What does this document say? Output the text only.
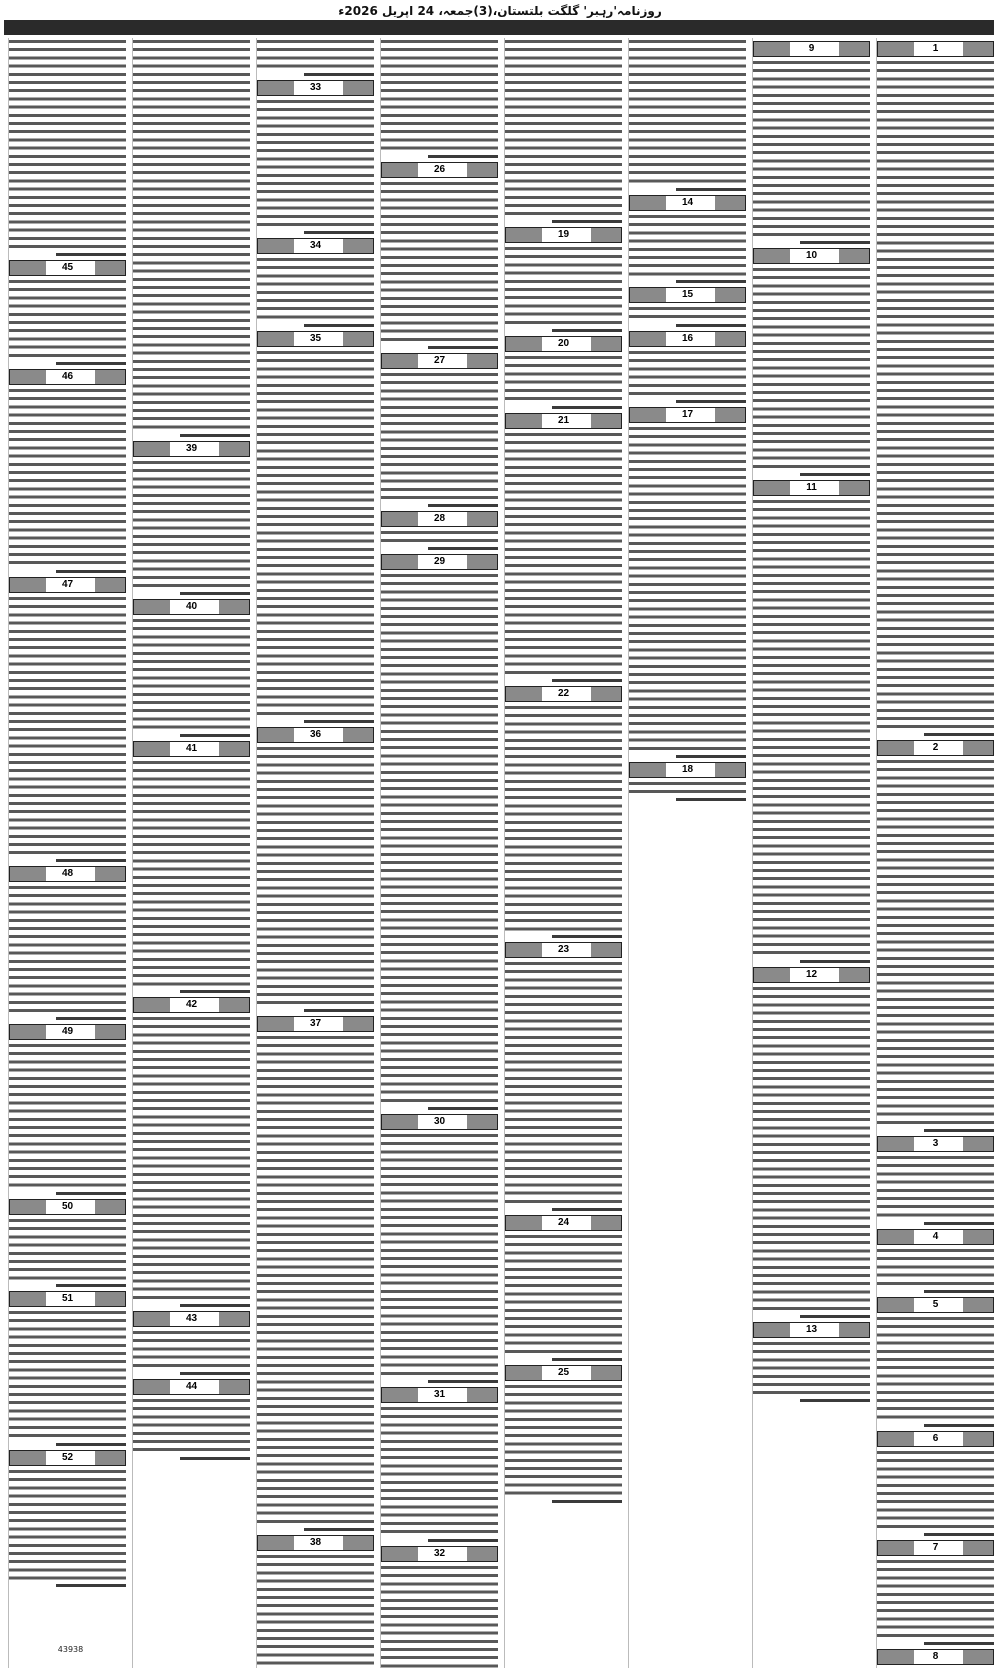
روزنامہ'رہبر' گلگت بلتستان،(3)جمعہ، 24 اپریل 2026ء
1
2
3
4
5
6
7
8
9
10
11
12
13
14
15
16
17
18
19
20
21
22
23
24
25
26
27
28
29
30
31
32
33
34
35
36
37
38
39
40
41
42
43
44
45
46
47
48
49
50
51
52
43938
